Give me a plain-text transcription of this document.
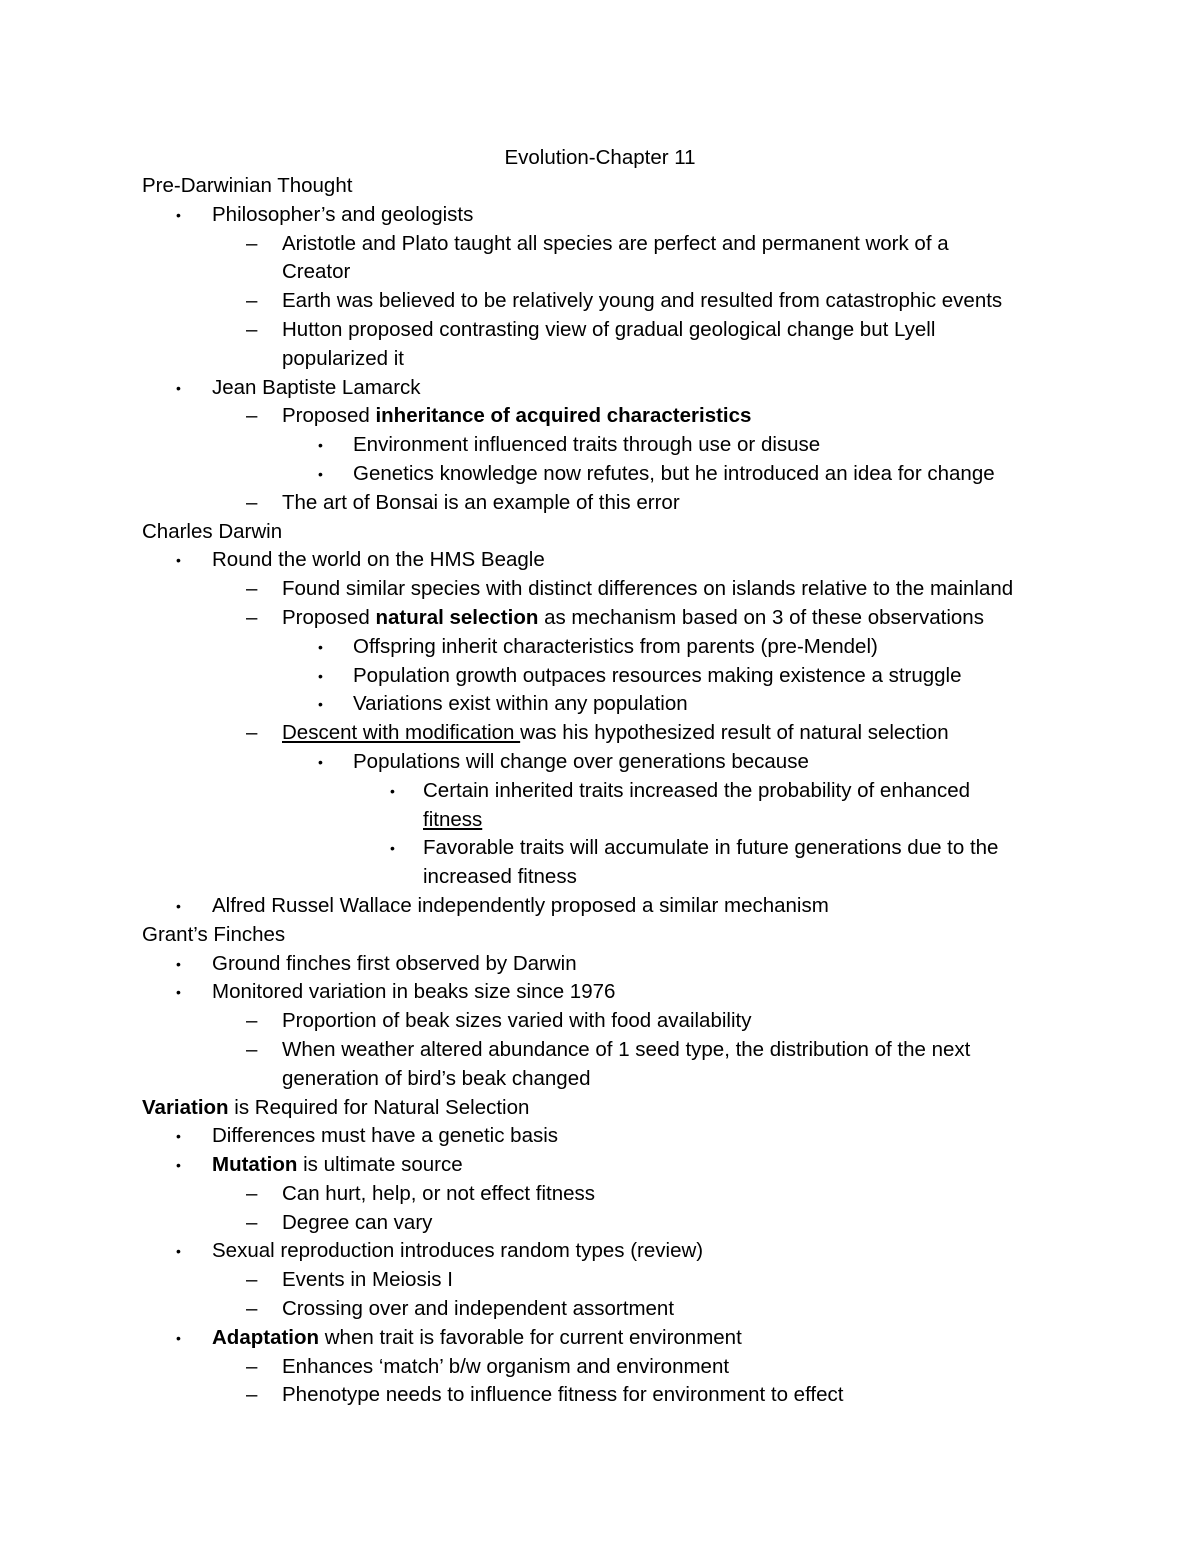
Evolution-Chapter 11
Pre-Darwinian Thought
• Philosopher’s and geologists
– Aristotle and Plato taught all species are perfect and permanent work of a
Creator
– Earth was believed to be relatively young and resulted from catastrophic events
– Hutton proposed contrasting view of gradual geological change but Lyell
popularized it
• Jean Baptiste Lamarck
– Proposed inheritance of acquired characteristics
• Environment influenced traits through use or disuse
• Genetics knowledge now refutes, but he introduced an idea for change
– The art of Bonsai is an example of this error
Charles Darwin
• Round the world on the HMS Beagle
– Found similar species with distinct differences on islands relative to the mainland
– Proposed natural selection as mechanism based on 3 of these observations
• Offspring inherit characteristics from parents (pre-Mendel)
• Population growth outpaces resources making existence a struggle
• Variations exist within any population
– Descent with modification was his hypothesized result of natural selection
• Populations will change over generations because
• Certain inherited traits increased the probability of enhanced
fitness
• Favorable traits will accumulate in future generations due to the
increased fitness
• Alfred Russel Wallace independently proposed a similar mechanism
Grant’s Finches
• Ground finches first observed by Darwin
• Monitored variation in beaks size since 1976
– Proportion of beak sizes varied with food availability
– When weather altered abundance of 1 seed type, the distribution of the next
generation of bird’s beak changed
Variation is Required for Natural Selection
• Differences must have a genetic basis
• Mutation is ultimate source
– Can hurt, help, or not effect fitness
– Degree can vary
• Sexual reproduction introduces random types (review)
– Events in Meiosis I
– Crossing over and independent assortment
• Adaptation when trait is favorable for current environment
– Enhances ‘match’ b/w organism and environment
– Phenotype needs to influence fitness for environment to effect
